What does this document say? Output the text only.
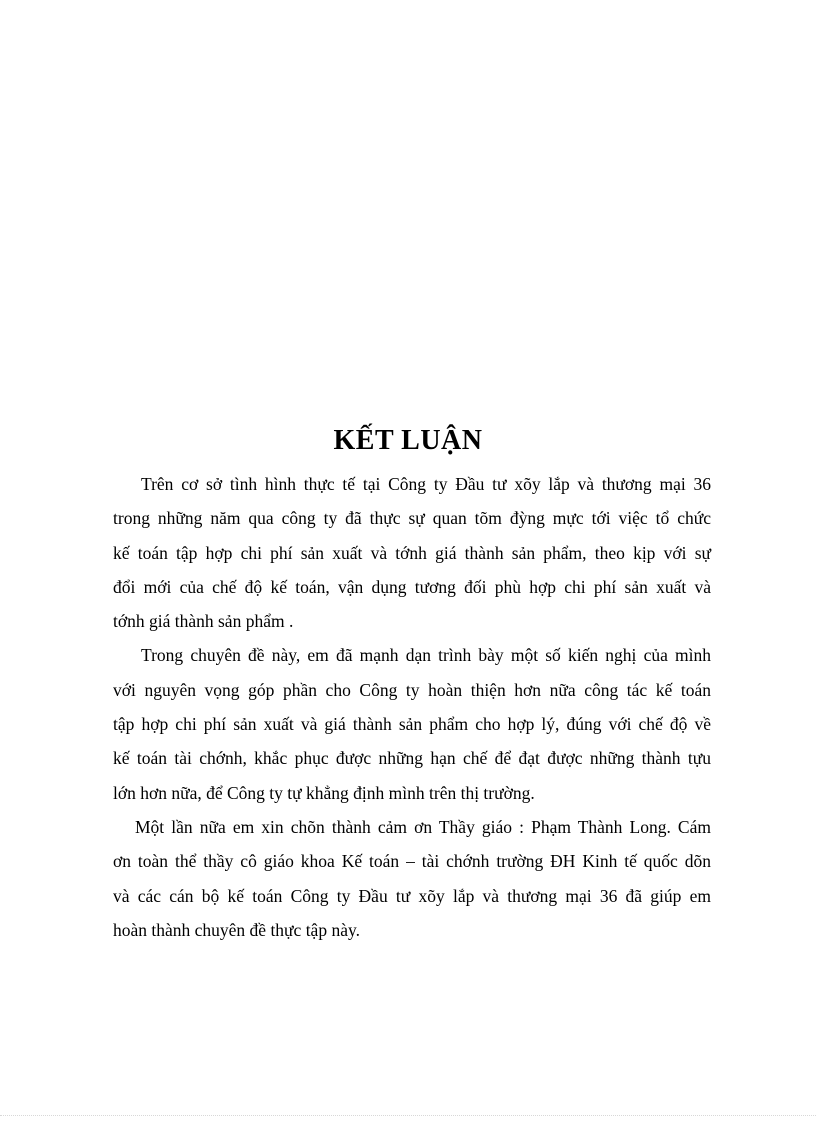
KẾT LUẬN

Trên cơ sở tình hình thực tế tại Công ty Đầu tư xõy lắp và thương mại 36
trong những năm qua công ty đã thực sự quan tõm đỳng mực tới việc tổ chức
kế toán tập hợp chi phí sản xuất và tớnh giá thành sản phẩm, theo kịp với sự
đổi mới của chế độ kế toán, vận dụng tương đối phù hợp chi phí sản xuất và
tớnh giá thành sản phẩm .

Trong chuyên đề này, em đã mạnh dạn trình bày một số kiến nghị của mình
với nguyên vọng góp phần cho Công ty hoàn thiện hơn nữa công tác kế toán
tập hợp chi phí sản xuất và giá thành sản phẩm cho hợp lý, đúng với chế độ về
kế toán tài chớnh, khắc phục được những hạn chế để đạt được những thành tựu
lớn hơn nữa, để Công ty tự khẳng định mình trên thị trường.

Một lần nữa em xin chõn thành cảm ơn Thầy giáo : Phạm Thành Long. Cám
ơn toàn thể thầy cô giáo khoa Kế toán – tài chớnh trường ĐH Kinh tế quốc dõn
và các cán bộ kế toán Công ty Đầu tư xõy lắp và thương mại 36 đã giúp em
hoàn thành chuyên đề thực tập này.
